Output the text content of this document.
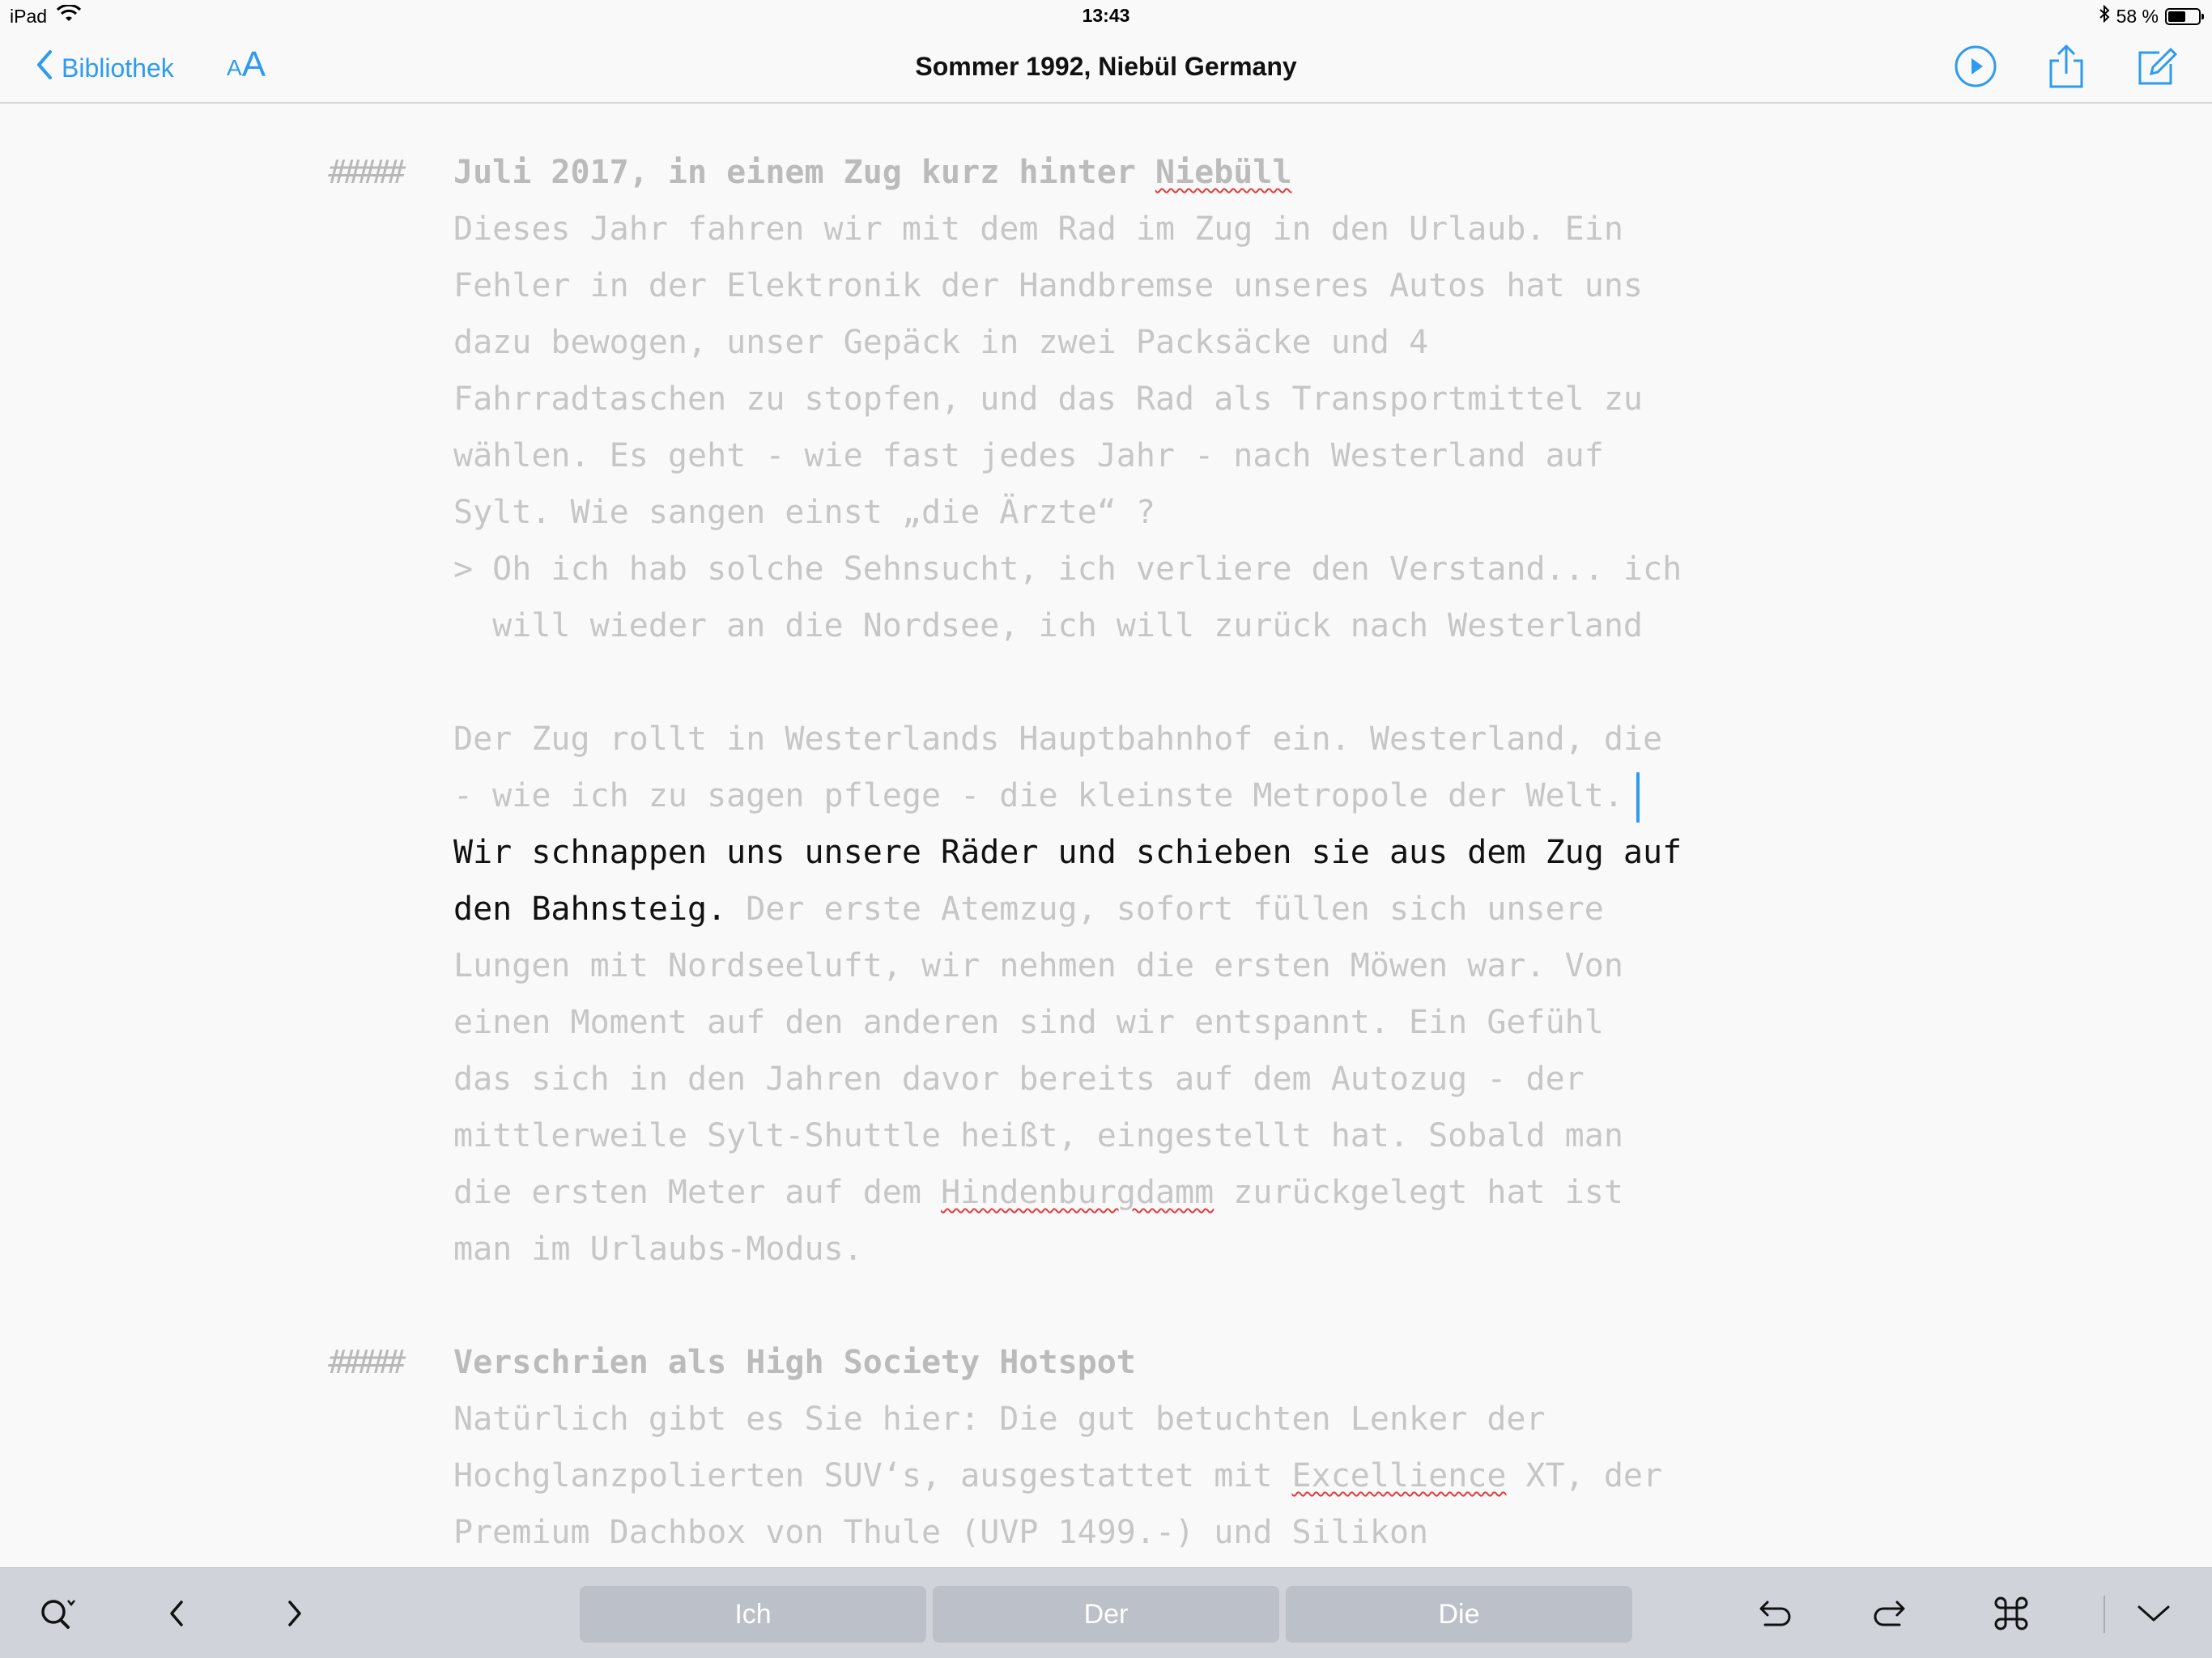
iPad	13:43	58 %
Bibliothek A A	Sommer 1992, Niebül Germany
##### Juli 2017, in einem Zug kurz hinter Niebüll
Dieses Jahr fahren wir mit dem Rad im Zug in den Urlaub. Ein
Fehler in der Elektronik der Handbremse unseres Autos hat uns
dazu bewogen, unser Gepäck in zwei Packsäcke und 4
Fahrradtaschen zu stopfen, und das Rad als Transportmittel zu
wählen. Es geht - wie fast jedes Jahr - nach Westerland auf
Sylt. Wie sangen einst „die Ärzte“ ?
> Oh ich hab solche Sehnsucht, ich verliere den Verstand... ich
will wieder an die Nordsee, ich will zurück nach Westerland
Der Zug rollt in Westerlands Hauptbahnhof ein. Westerland, die
- wie ich zu sagen pflege - die kleinste Metropole der Welt.
Wir schnappen uns unsere Räder und schieben sie aus dem Zug auf
den Bahnsteig. Der erste Atemzug, sofort füllen sich unsere
Lungen mit Nordseeluft, wir nehmen die ersten Möwen war. Von
einen Moment auf den anderen sind wir entspannt. Ein Gefühl
das sich in den Jahren davor bereits auf dem Autozug - der
mittlerweile Sylt-Shuttle heißt, eingestellt hat. Sobald man
die ersten Meter auf dem Hindenburgdamm zurückgelegt hat ist
man im Urlaubs-Modus.
##### Verschrien als High Society Hotspot
Natürlich gibt es Sie hier: Die gut betuchten Lenker der
Hochglanzpolierten SUV‘s, ausgestattet mit Excellience XT, der
Premium Dachbox von Thule (UVP 1499.-) und Silikon
Ich	Der	Die
